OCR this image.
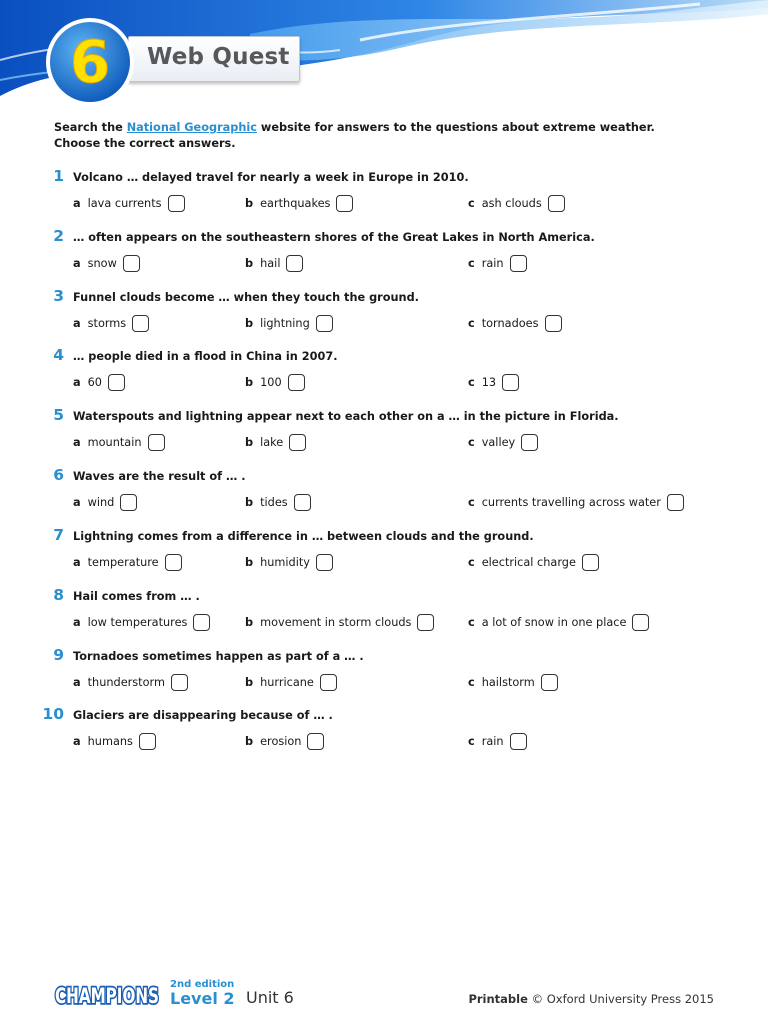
Web Quest
6
Search the National Geographic website for answers to the questions about extreme weather.
Choose the correct answers.
1 Volcano … delayed travel for nearly a week in Europe in 2010.
a lava currents	b earthquakes	c ash clouds
2 … often appears on the southeastern shores of the Great Lakes in North America.
a snow	b hail	c rain
3 Funnel clouds become … when they touch the ground.
a storms	b lightning	c tornadoes
4 … people died in a flood in China in 2007.
a 60	b 100	c 13
5 Waterspouts and lightning appear next to each other on a … in the picture in Florida.
a mountain	b lake	c valley
6 Waves are the result of … .
a wind	b tides	c currents travelling across water
7 Lightning comes from a difference in … between clouds and the ground.
a temperature	b humidity	c electrical charge
8 Hail comes from … .
a low temperatures	b movement in storm clouds	c a lot of snow in one place
9 Tornadoes sometimes happen as part of a … .
a thunderstorm	b hurricane	c hailstorm
10 Glaciers are disappearing because of … .
a humans	b erosion	c rain
CHAMPIONS 2nd edition
Level 2 Unit 6	Printable © Oxford University Press 2015
